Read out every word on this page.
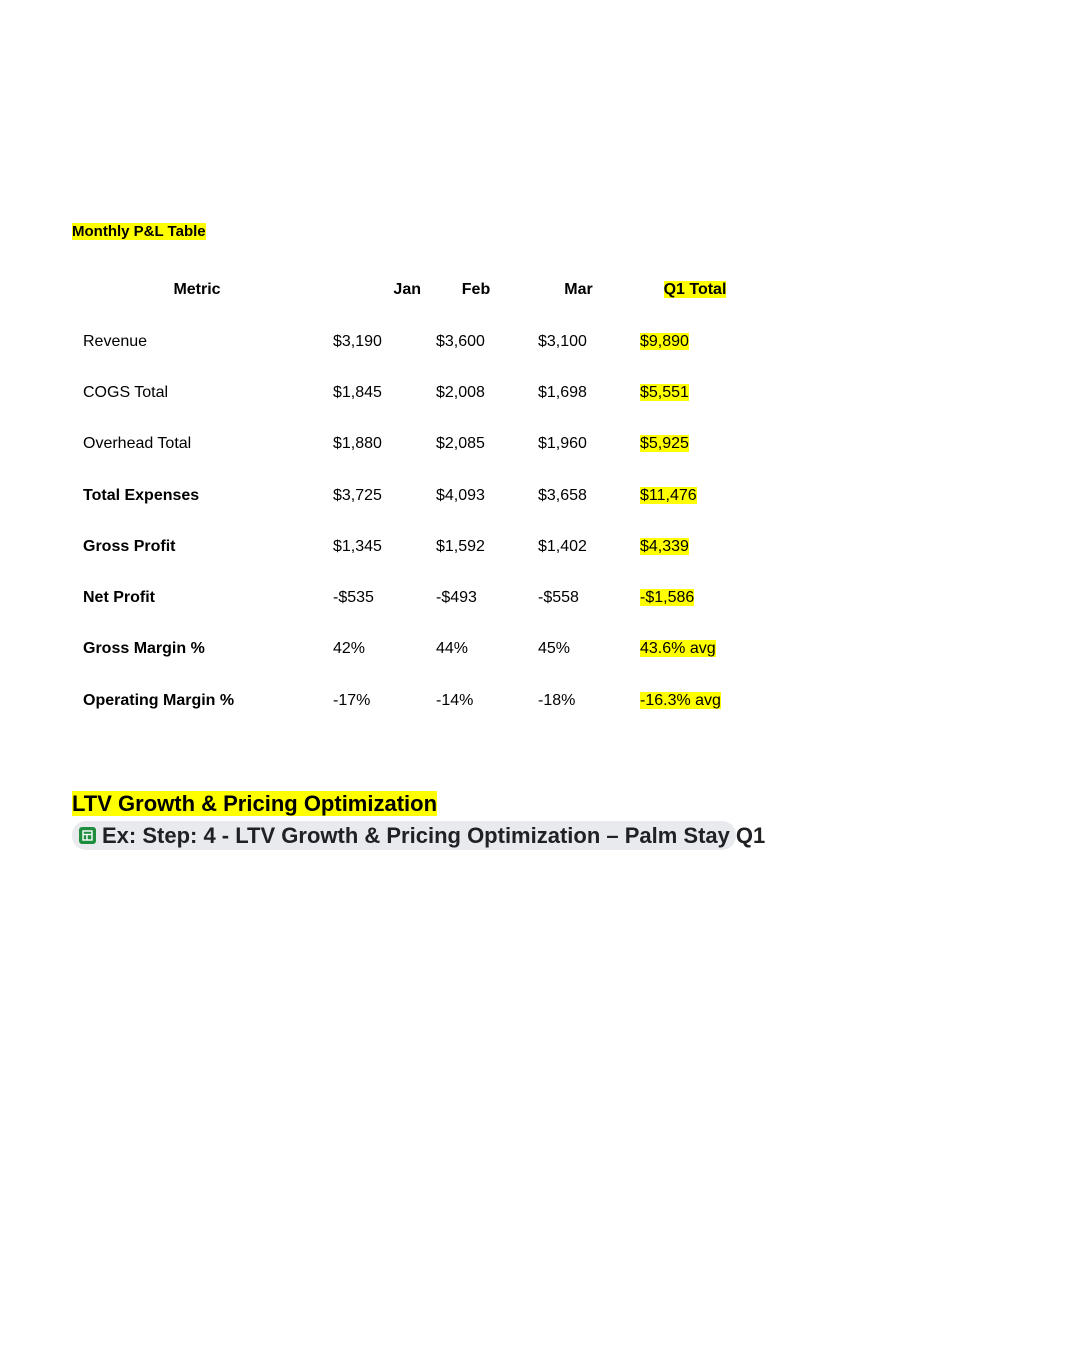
Monthly P&L Table
Metric	Jan	Feb	Mar	Q1 Total
Revenue	$3,190	$3,600	$3,100	$9,890
COGS Total	$1,845	$2,008	$1,698	$5,551
Overhead Total	$1,880	$2,085	$1,960	$5,925
Total Expenses	$3,725	$4,093	$3,658	$11,476
Gross Profit	$1,345	$1,592	$1,402	$4,339
Net Profit	-$535	-$493	-$558	-$1,586
Gross Margin %	42%	44%	45%	43.6% avg
Operating Margin %	-17%	-14%	-18%	-16.3% avg
LTV Growth & Pricing Optimization
Ex: Step: 4 - LTV Growth & Pricing Optimization – Palm Stay Q1
